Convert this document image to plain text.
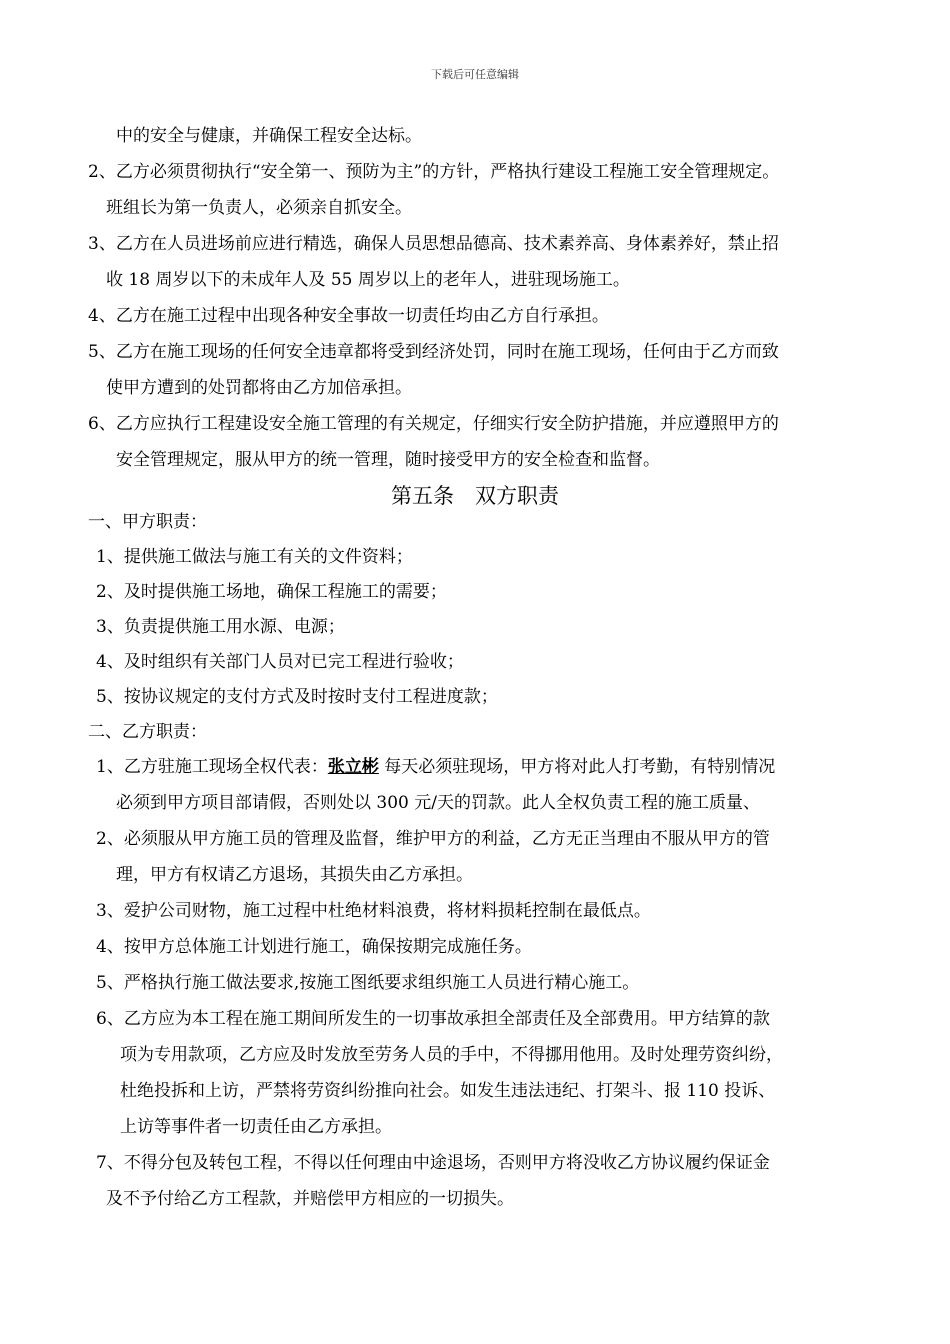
下载后可任意编辑
中的安全与健康，并确保工程安全达标。
2、乙方必须贯彻执行“安全第一、预防为主”的方针，严格执行建设工程施工安全管理规定。
班组长为第一负责人，必须亲自抓安全。
3、乙方在人员进场前应进行精选，确保人员思想品德高、技术素养高、身体素养好，禁止招
收 18 周岁以下的未成年人及 55 周岁以上的老年人，进驻现场施工。
4、乙方在施工过程中出现各种安全事故一切责任均由乙方自行承担。
5、乙方在施工现场的任何安全违章都将受到经济处罚，同时在施工现场，任何由于乙方而致
使甲方遭到的处罚都将由乙方加倍承担。
6、乙方应执行工程建设安全施工管理的有关规定，仔细实行安全防护措施，并应遵照甲方的
安全管理规定，服从甲方的统一管理，随时接受甲方的安全检查和监督。
第五条　双方职责
一、甲方职责：
1、提供施工做法与施工有关的文件资料；
2、及时提供施工场地，确保工程施工的需要；
3、负责提供施工用水源、电源；
4、及时组织有关部门人员对已完工程进行验收；
5、按协议规定的支付方式及时按时支付工程进度款；
二、乙方职责：
1、乙方驻施工现场全权代表：张立彬 每天必须驻现场，甲方将对此人打考勤，有特别情况
必须到甲方项目部请假，否则处以 300 元/天的罚款。此人全权负责工程的施工质量、
2、必须服从甲方施工员的管理及监督，维护甲方的利益，乙方无正当理由不服从甲方的管
理，甲方有权请乙方退场，其损失由乙方承担。
3、爱护公司财物，施工过程中杜绝材料浪费，将材料损耗控制在最低点。
4、按甲方总体施工计划进行施工，确保按期完成施任务。
5、严格执行施工做法要求,按施工图纸要求组织施工人员进行精心施工。
6、乙方应为本工程在施工期间所发生的一切事故承担全部责任及全部费用。甲方结算的款
项为专用款项，乙方应及时发放至劳务人员的手中，不得挪用他用。及时处理劳资纠纷，
杜绝投拆和上访，严禁将劳资纠纷推向社会。如发生违法违纪、打架斗、报 110 投诉、
上访等事件者一切责任由乙方承担。
7、不得分包及转包工程，不得以任何理由中途退场，否则甲方将没收乙方协议履约保证金
及不予付给乙方工程款，并赔偿甲方相应的一切损失。
